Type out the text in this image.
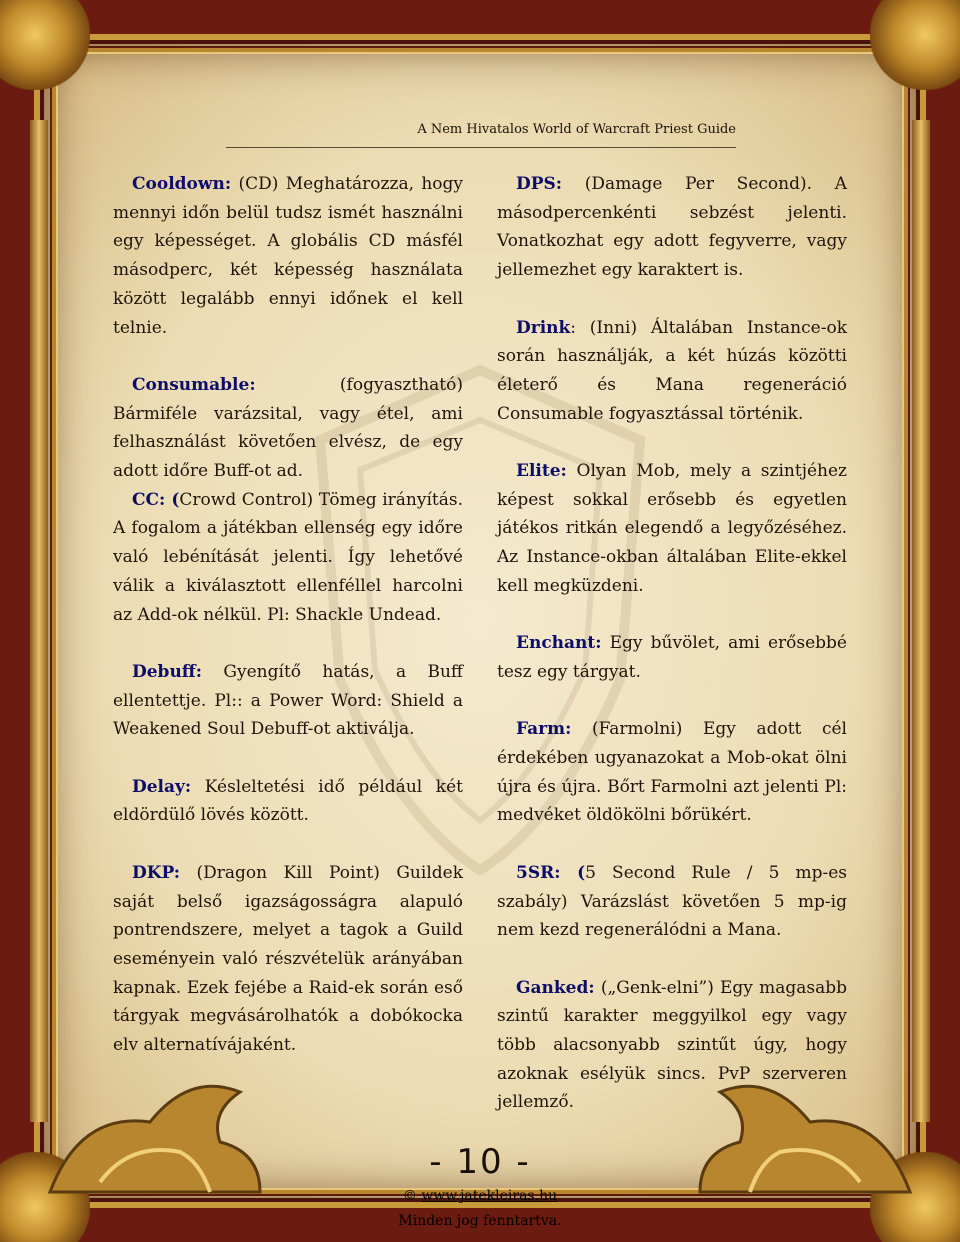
A Nem Hivatalos World of Warcraft Priest Guide

Cooldown: (CD) Meghatározza, hogy mennyi időn belül tudsz ismét használni egy képességet. A globális CD másfél másodperc, két képesség használata között legalább ennyi időnek el kell telnie.

Consumable: (fogyasztható) Bármiféle varázsital, vagy étel, ami felhasználást követően elvész, de egy adott időre Buff-ot ad.

CC: (Crowd Control) Tömeg irányítás. A fogalom a játékban ellenség egy időre való lebénítását jelenti. Így lehetővé válik a kiválasztott ellenféllel harcolni az Add-ok nélkül. Pl: Shackle Undead.

Debuff: Gyengítő hatás, a Buff ellentettje. Pl:: a Power Word: Shield a Weakened Soul Debuff-ot aktiválja.

Delay: Késleltetési idő például két eldördülő lövés között.

DKP: (Dragon Kill Point) Guildek saját belső igazságosságra alapuló pontrendszere, melyet a tagok a Guild eseményein való részvételük arányában kapnak. Ezek fejébe a Raid-ek során eső tárgyak megvásárolhatók a dobókocka elv alternatívájaként.

DPS: (Damage Per Second). A másodpercenkénti sebzést jelenti. Vonatkozhat egy adott fegyverre, vagy jellemezhet egy karaktert is.

Drink: (Inni) Általában Instance-ok során használják, a két húzás közötti életerő és Mana regeneráció Consumable fogyasztással történik.

Elite: Olyan Mob, mely a szintjéhez képest sokkal erősebb és egyetlen játékos ritkán elegendő a legyőzéséhez. Az Instance-okban általában Elite-ekkel kell megküzdeni.

Enchant: Egy bűvölet, ami erősebbé tesz egy tárgyat.

Farm: (Farmolni) Egy adott cél érdekében ugyanazokat a Mob-okat ölni újra és újra. Bőrt Farmolni azt jelenti Pl: medvéket öldökölni bőrükért.

5SR: (5 Second Rule / 5 mp-es szabály) Varázslást követően 5 mp-ig nem kezd regenerálódni a Mana.

Ganked: („Genk-elni”) Egy magasabb szintű karakter meggyilkol egy vagy több alacsonyabb szintűt úgy, hogy azoknak esélyük sincs. PvP szerveren jellemző.

- 10 -
© www.jatekleiras.hu
Minden jog fenntartva.
